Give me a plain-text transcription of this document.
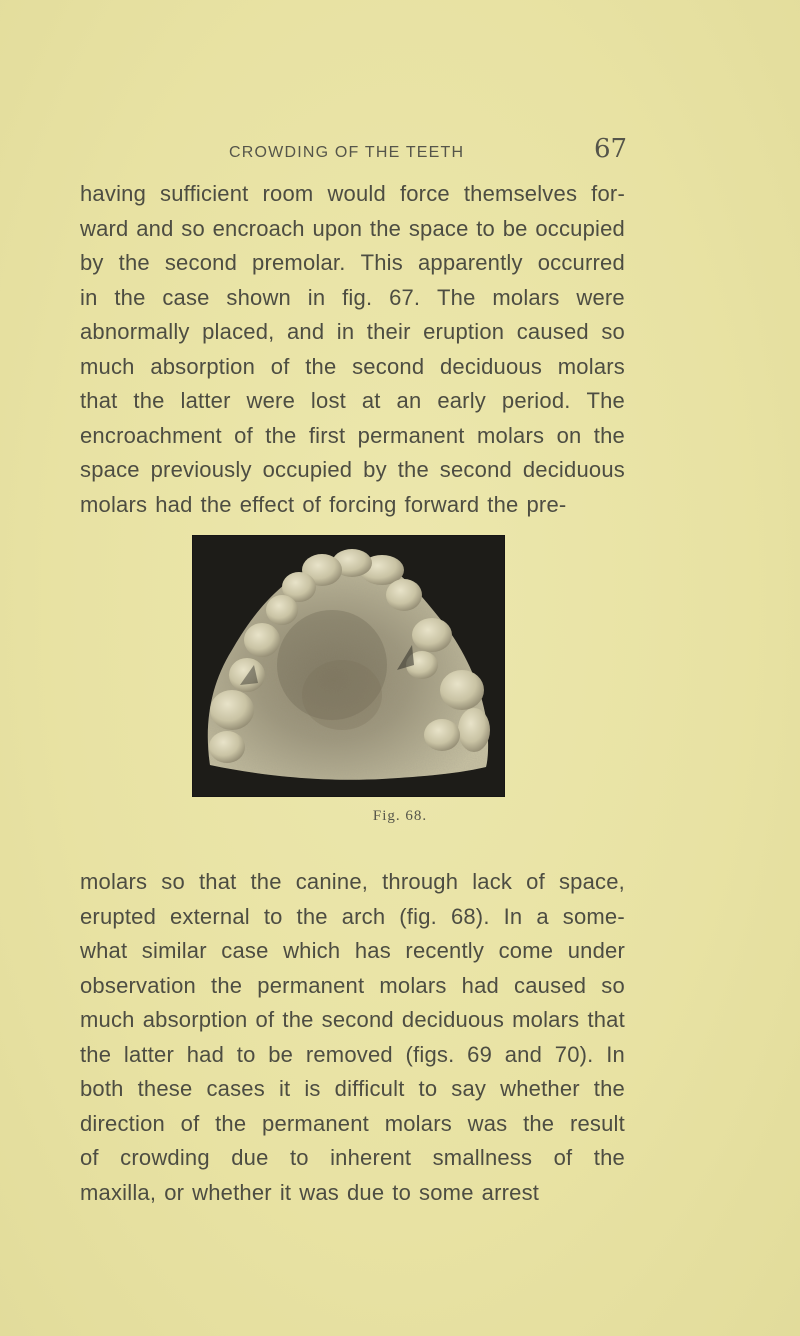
CROWDING OF THE TEETH	67
having sufficient room would force themselves for-
ward and so encroach upon the space to be occupied
by the second premolar. This apparently occurred
in the case shown in fig. 67. The molars were
abnormally placed, and in their eruption caused so
much absorption of the second deciduous molars
that the latter were lost at an early period. The
encroachment of the first permanent molars on the
space previously occupied by the second deciduous
molars had the effect of forcing forward the pre-
Fig. 68.
molars so that the canine, through lack of space,
erupted external to the arch (fig. 68). In a some-
what similar case which has recently come under
observation the permanent molars had caused so
much absorption of the second deciduous molars that
the latter had to be removed (figs. 69 and 70). In
both these cases it is difficult to say whether the
direction of the permanent molars was the result
of crowding due to inherent smallness of the
maxilla, or whether it was due to some arrest
